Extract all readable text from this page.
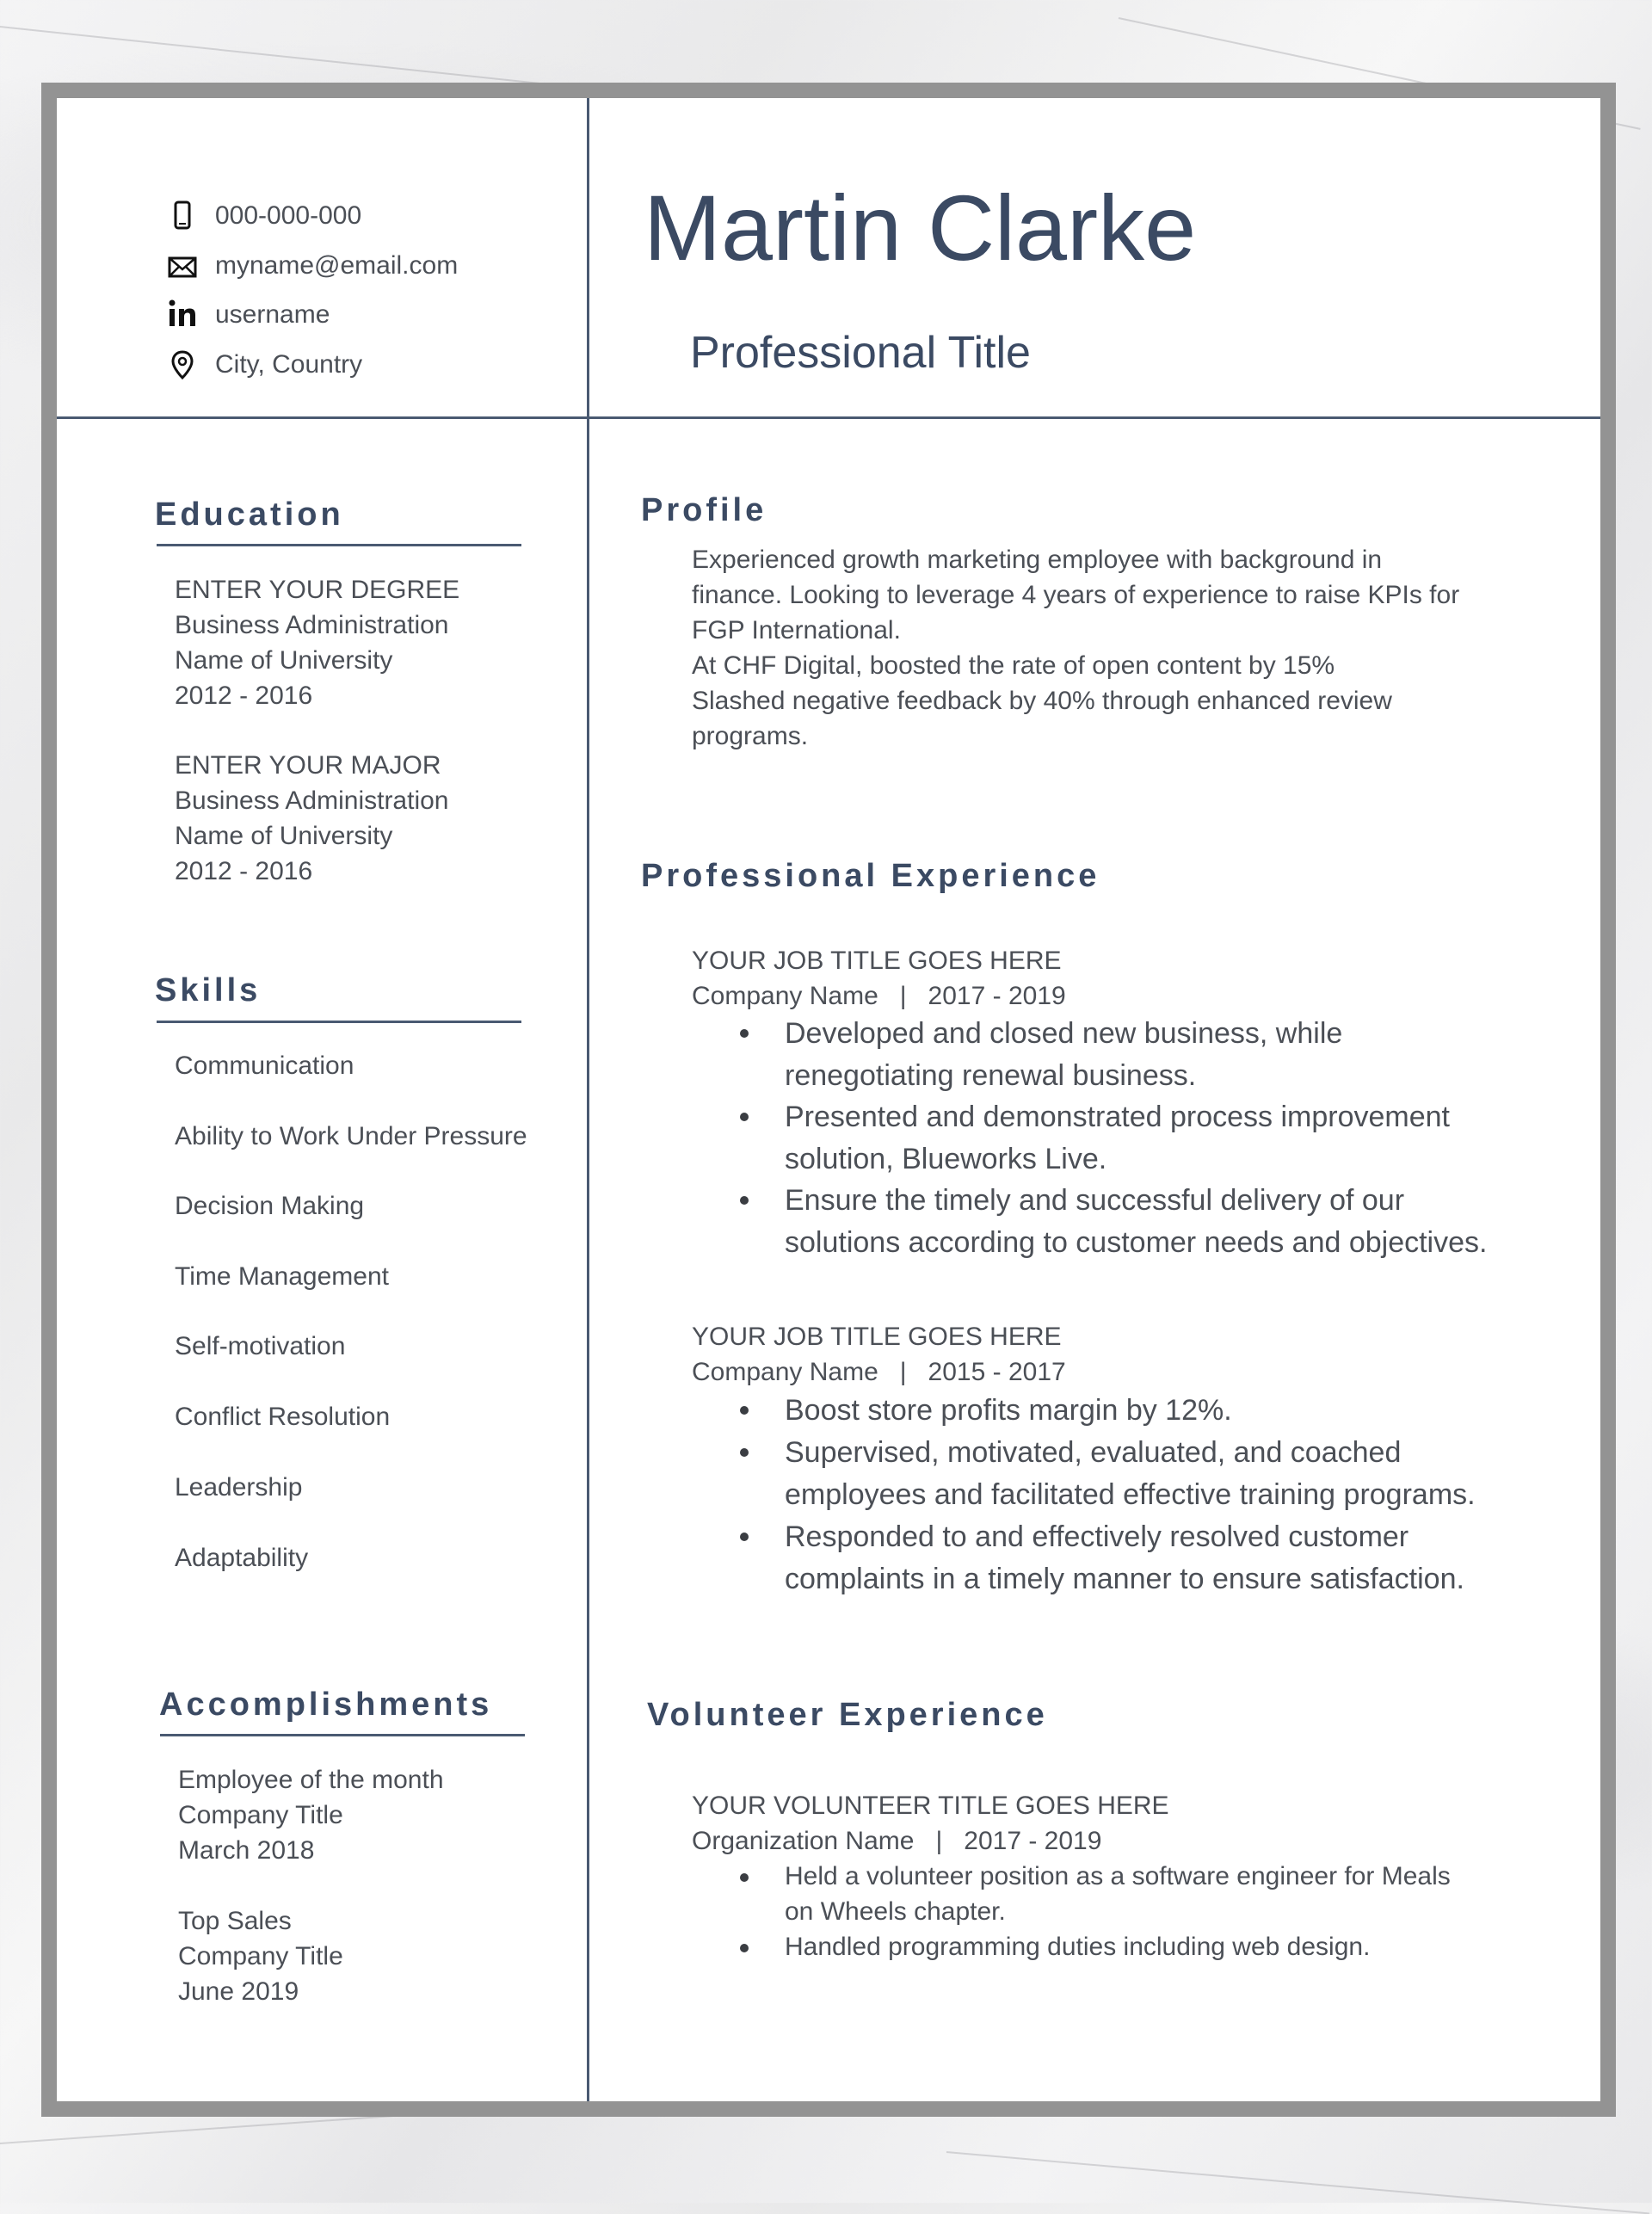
000-000-000
myname@email.com
username
City, Country
Martin Clarke
Professional Title
Education
ENTER YOUR DEGREE
Business Administration
Name of University
2012 - 2016
ENTER YOUR MAJOR
Business Administration
Name of University
2012 - 2016
Skills
Communication
Ability to Work Under Pressure
Decision Making
Time Management
Self-motivation
Conflict Resolution
Leadership
Adaptability
Accomplishments
Employee of the month
Company Title
March 2018
Top Sales
Company Title
June 2019
Profile
Experienced growth marketing employee with background in
finance. Looking to leverage 4 years of experience to raise KPIs for
FGP International.
At CHF Digital, boosted the rate of open content by 15%
Slashed negative feedback by 40% through enhanced review
programs.
Professional Experience
YOUR JOB TITLE GOES HERE
Company Name   |   2017 - 2019
Developed and closed new business, while
renegotiating renewal business.
Presented and demonstrated process improvement
solution, Blueworks Live.
Ensure the timely and successful delivery of our
solutions according to customer needs and objectives.
YOUR JOB TITLE GOES HERE
Company Name   |   2015 - 2017
Boost store profits margin by 12%.
Supervised, motivated, evaluated, and coached
employees and facilitated effective training programs.
Responded to and effectively resolved customer
complaints in a timely manner to ensure satisfaction.
Volunteer Experience
YOUR VOLUNTEER TITLE GOES HERE
Organization Name   |   2017 - 2019
Held a volunteer position as a software engineer for Meals
on Wheels chapter.
Handled programming duties including web design.
